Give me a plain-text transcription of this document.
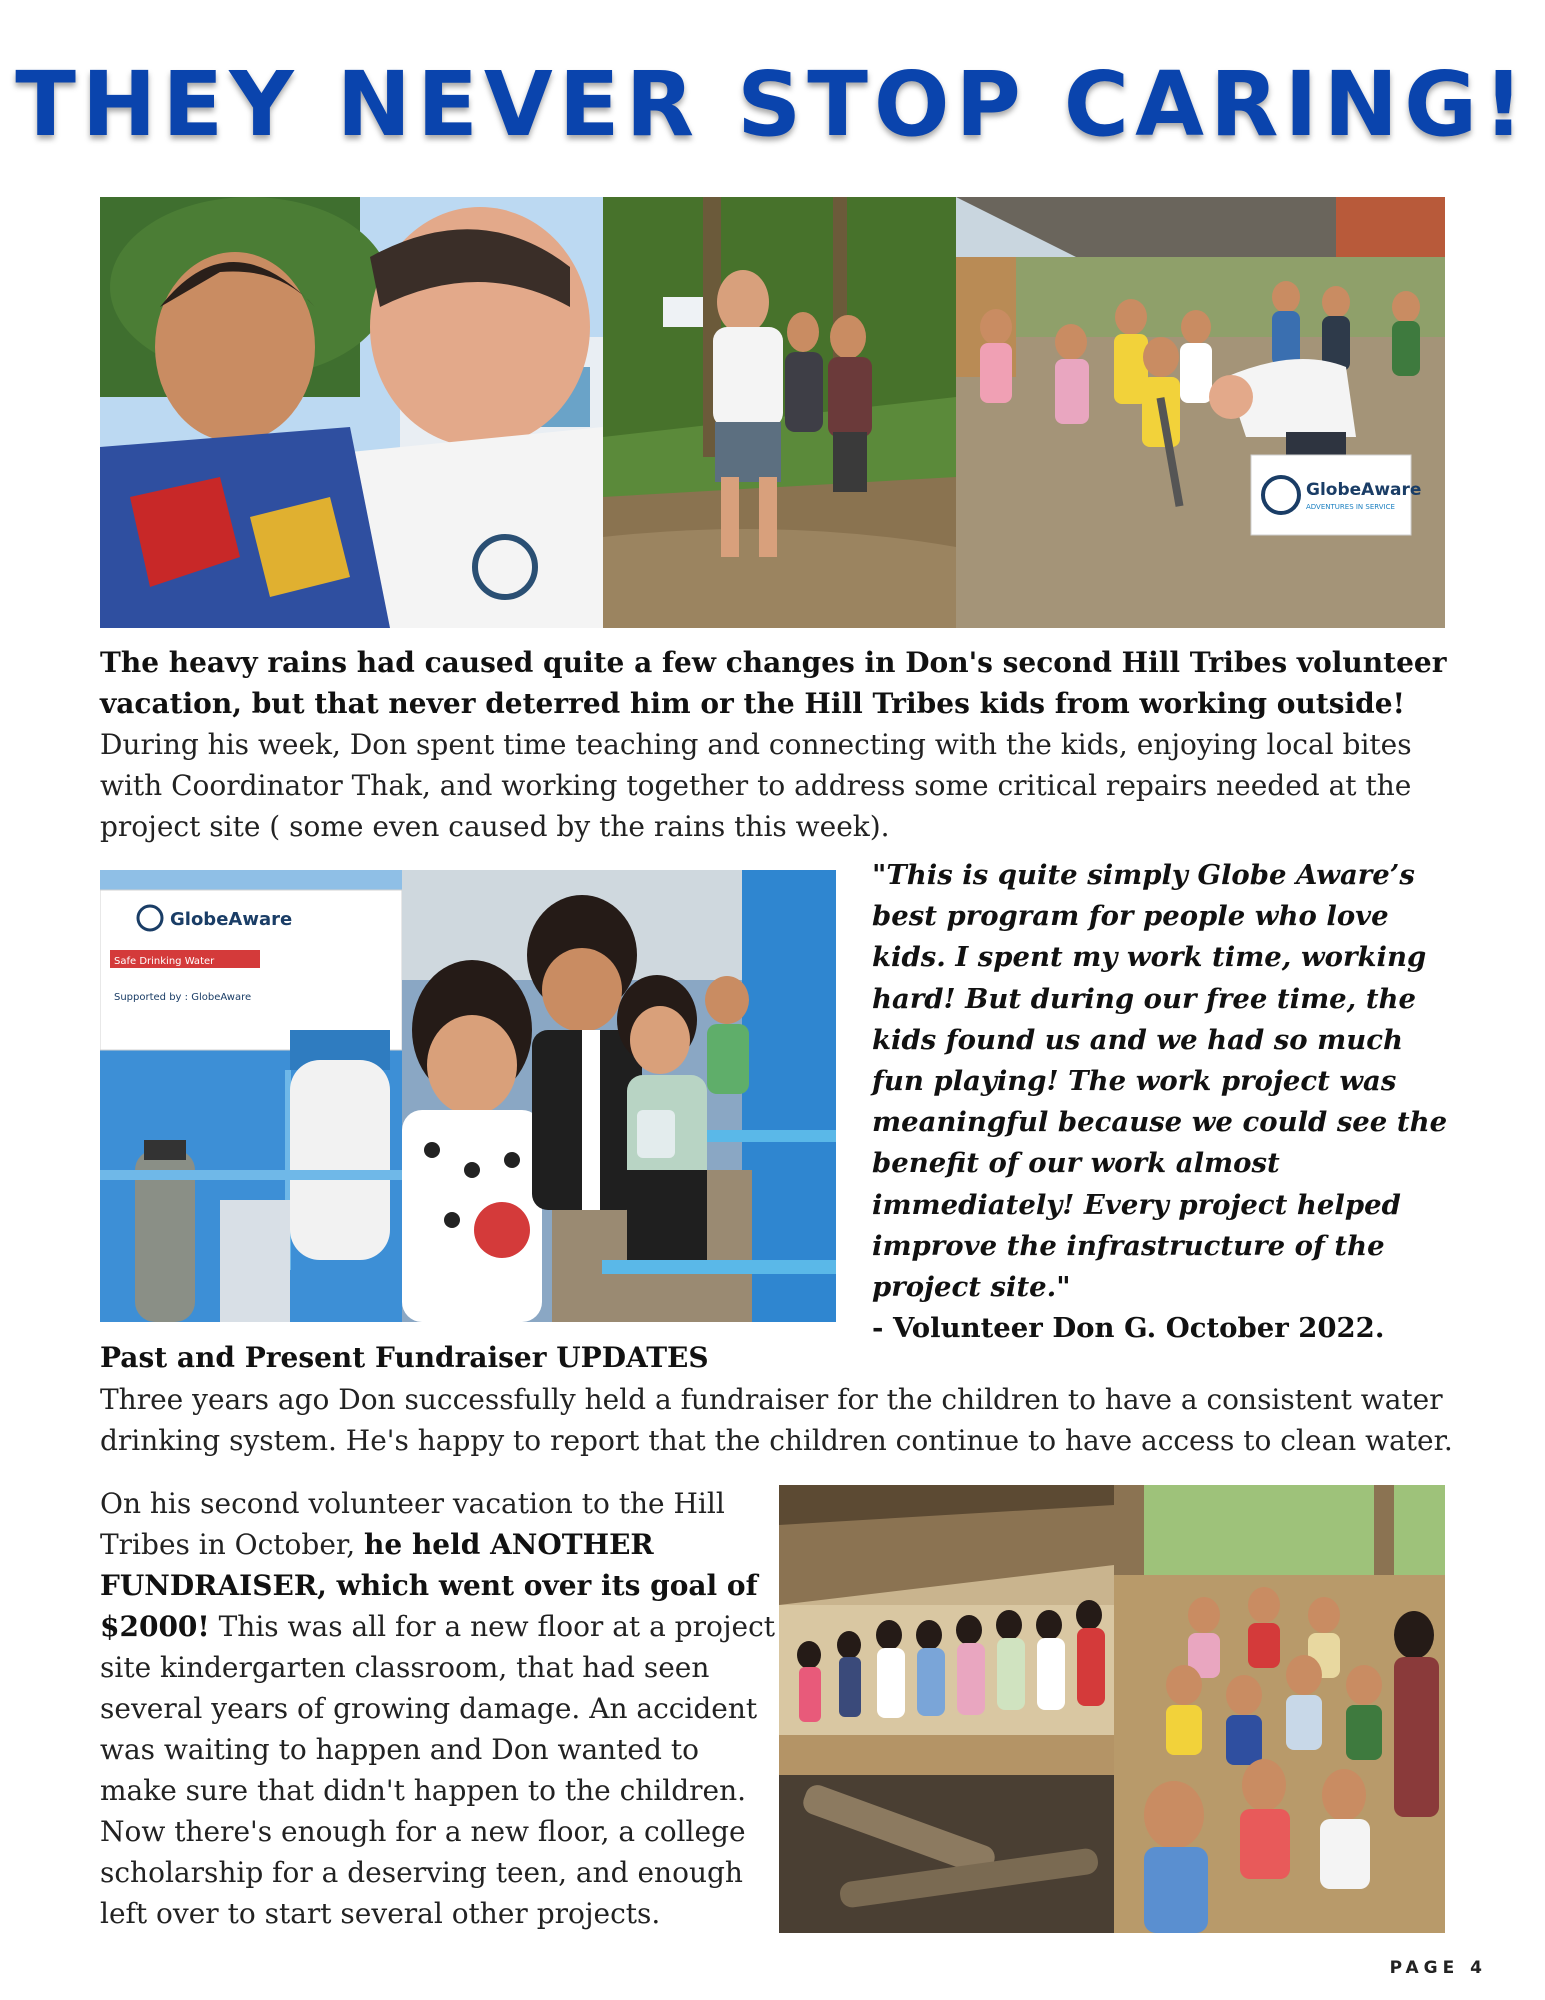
THEY NEVER STOP CARING!
GlobeAware
ADVENTURES IN SERVICE
The heavy rains had caused quite a few changes in Don's second Hill Tribes volunteer vacation, but that never deterred him or the Hill Tribes kids from working outside! During his week, Don spent time teaching and connecting with the kids, enjoying local bites with Coordinator Thak, and working together to address some critical repairs needed at the project site ( some even caused by the rains this week).
GlobeAware
Safe Drinking Water
Supported by : GlobeAware
"This is quite simply Globe Aware’s best program for people who love kids. I spent my work time, working hard! But during our free time, the kids found us and we had so much fun playing! The work project was meaningful because we could see the benefit of our work almost immediately! Every project helped improve the infrastructure of the project site."
- Volunteer Don G. October 2022.
Past and Present Fundraiser UPDATES
Three years ago Don successfully held a fundraiser for the children to have a consistent water drinking system. He's happy to report that the children continue to have access to clean water.
On his second volunteer vacation to the Hill Tribes in October, he held ANOTHER FUNDRAISER, which went over its goal of $2000! This was all for a new floor at a project site kindergarten classroom, that had seen several years of growing damage. An accident was waiting to happen and Don wanted to make sure that didn't happen to the children. Now there's enough for a new floor, a college scholarship for a deserving teen, and enough left over to start several other projects.
PAGE 4
